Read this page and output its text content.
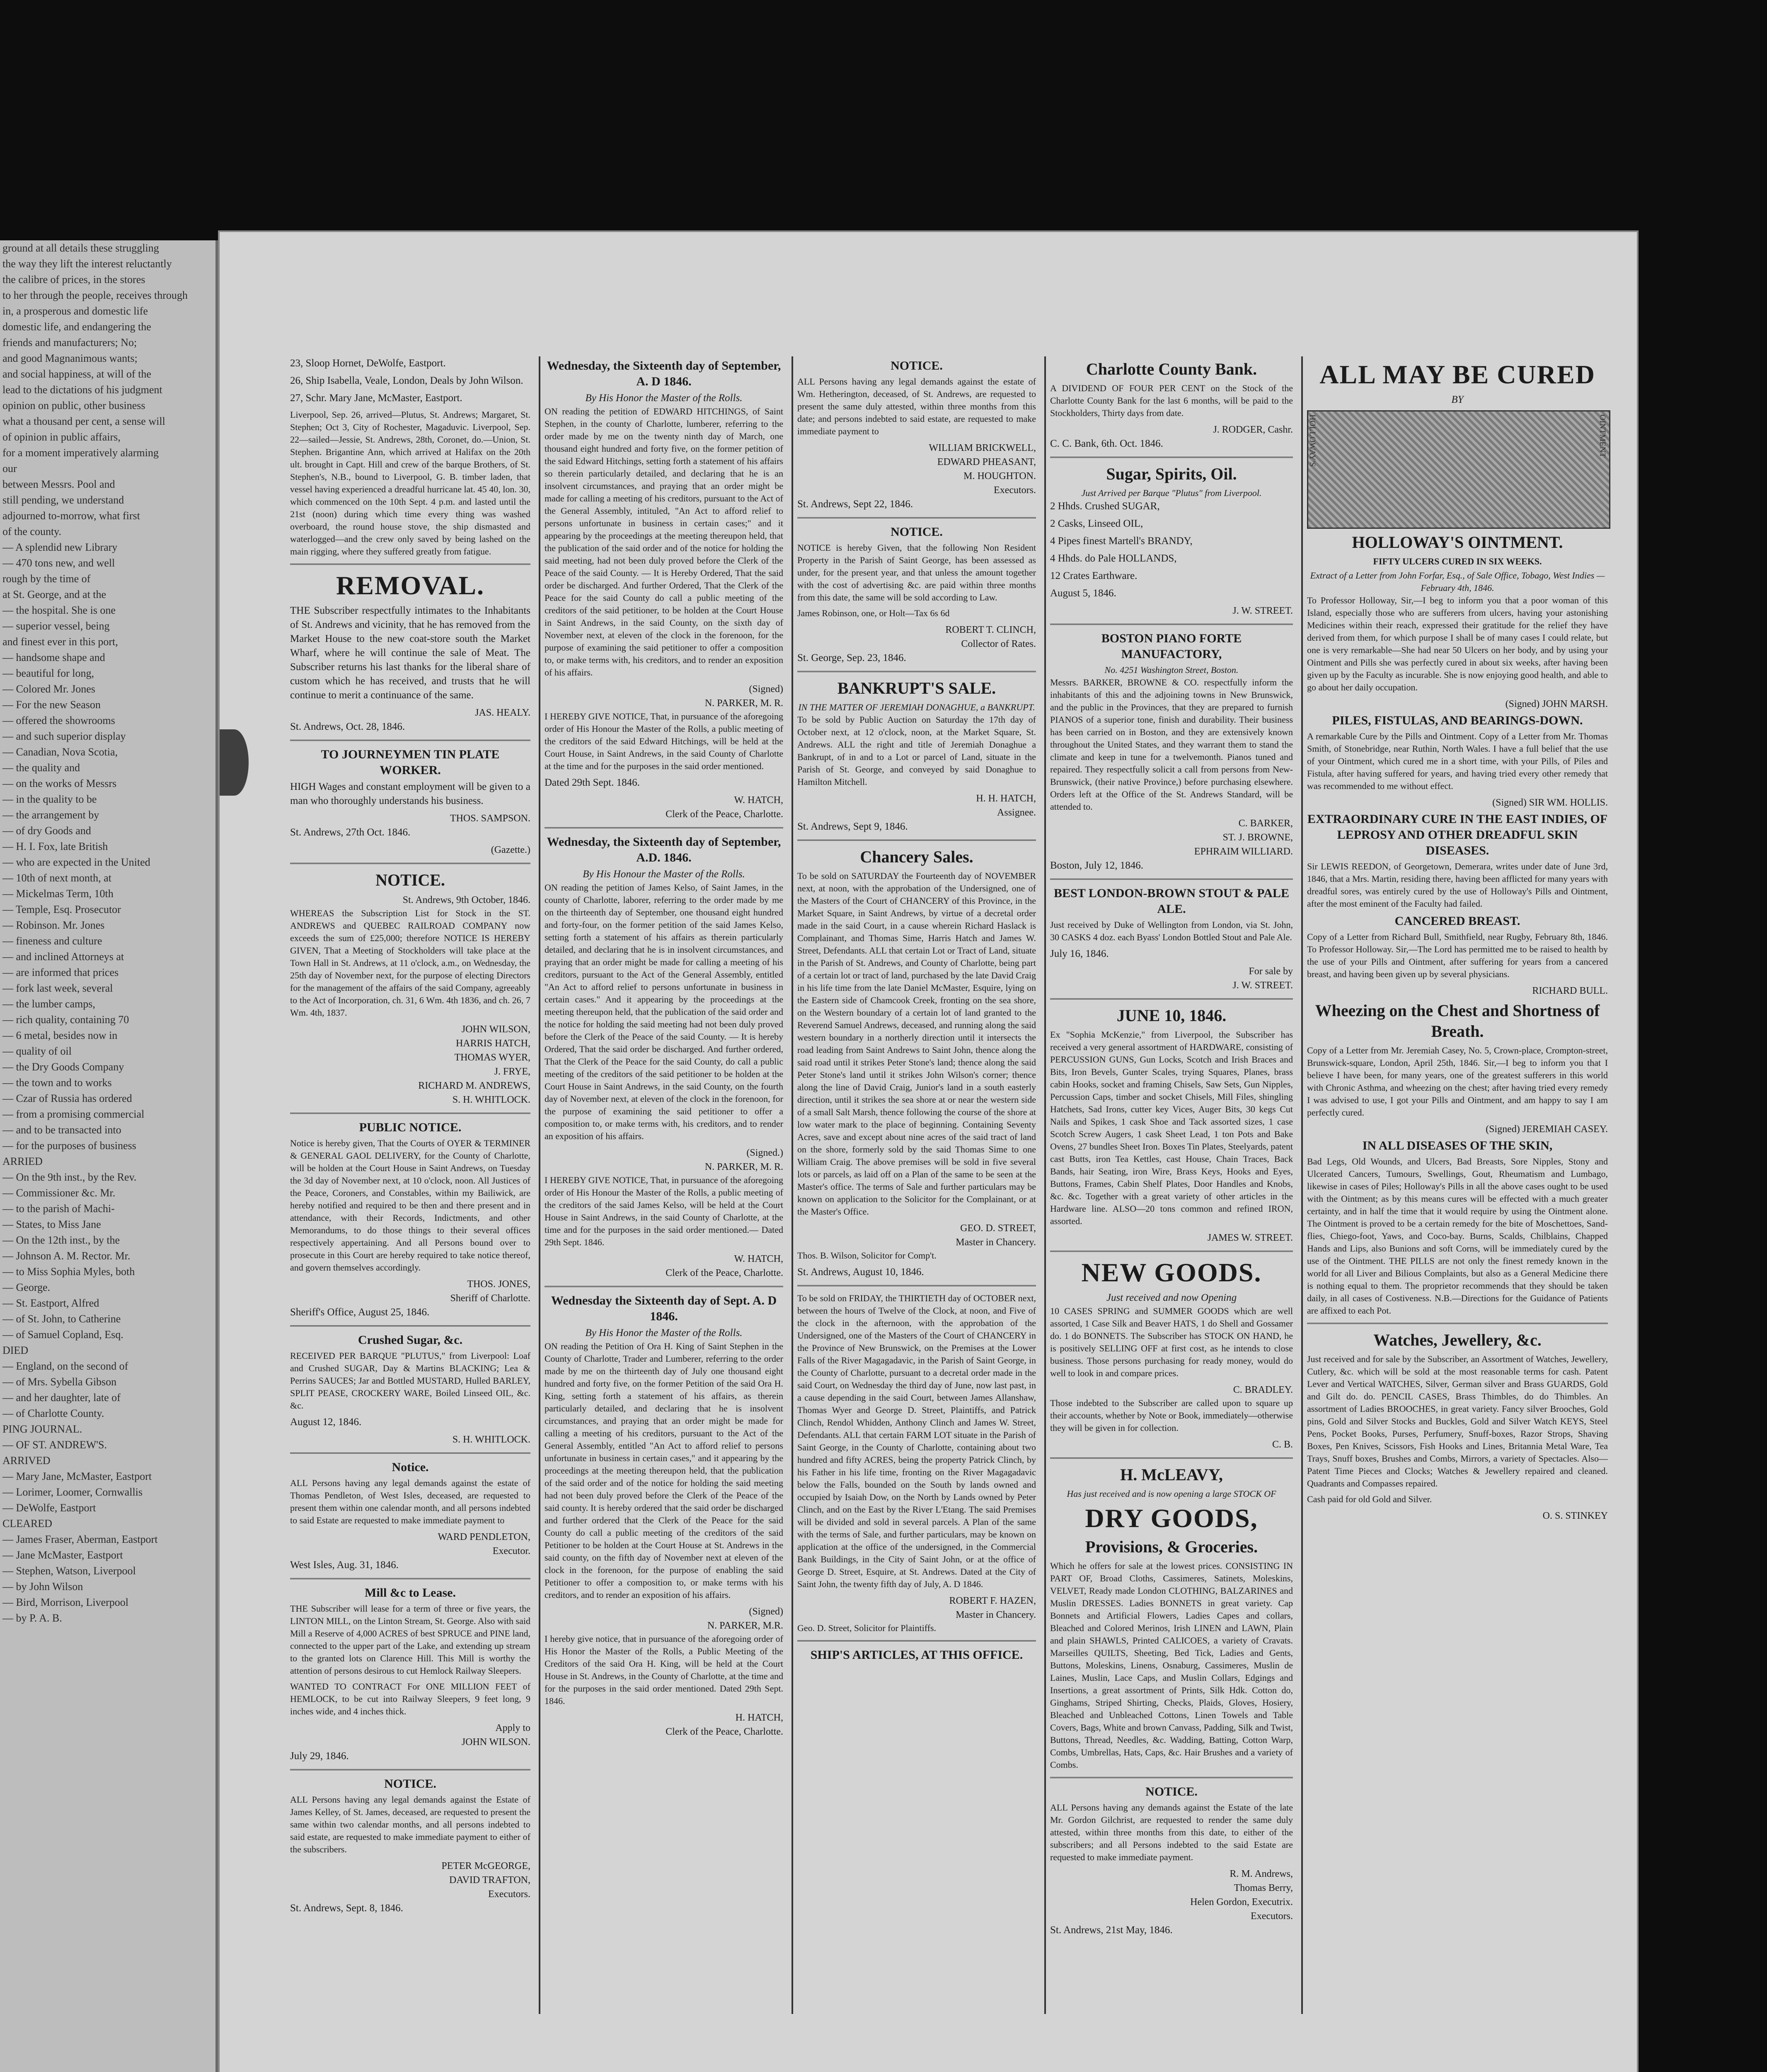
ground at all details these struggling
the way they lift the interest reluctantly
the calibre of prices, in the stores
to her through the people, receives through
in, a prosperous and domestic life
domestic life, and endangering the
friends and manufacturers; No;
and good Magnanimous wants;
and social happiness, at will of the
lead to the dictations of his judgment
opinion on public, other business
what a thousand per cent, a sense will
of opinion in public affairs,
for a moment imperatively alarming
our
between Messrs. Pool and
still pending, we understand
adjourned to-morrow, what first
of the county.
— A splendid new Library
— 470 tons new, and well
rough by the time of
at St. George, and at the
— the hospital. She is one
— superior vessel, being
and finest ever in this port,
— handsome shape and
— beautiful for long,
— Colored Mr. Jones
— For the new Season
— offered the showrooms
— and such superior display
— Canadian, Nova Scotia,
— the quality and
— on the works of Messrs
— in the quality to be
— the arrangement by
— of dry Goods and
— H. I. Fox, late British
— who are expected in the United
— 10th of next month, at
— Mickelmas Term, 10th
— Temple, Esq. Prosecutor
— Robinson. Mr. Jones
— fineness and culture
— and inclined Attorneys at
— are informed that prices
— fork last week, several
— the lumber camps,
— rich quality, containing 70
— 6 metal, besides now in
— quality of oil
— the Dry Goods Company
— the town and to works
— Czar of Russia has ordered
— from a promising commercial
— and to be transacted into
— for the purposes of business
ARRIED
— On the 9th inst., by the Rev.
— Commissioner &c. Mr.
— to the parish of Machi-
— States, to Miss Jane
— On the 12th inst., by the
— Johnson A. M. Rector. Mr.
— to Miss Sophia Myles, both
— George.
— St. Eastport, Alfred
— of St. John, to Catherine
— of Samuel Copland, Esq.
DIED
— England, on the second of
— of Mrs. Sybella Gibson
— and her daughter, late of
— of Charlotte County.
PING JOURNAL.
— OF ST. ANDREW'S.
ARRIVED
— Mary Jane, McMaster, Eastport
— Lorimer, Loomer, Cornwallis
— DeWolfe, Eastport
CLEARED
— James Fraser, Aberman, Eastport
— Jane McMaster, Eastport
— Stephen, Watson, Liverpool
— by John Wilson
— Bird, Morrison, Liverpool
— by P. A. B.

23, Sloop Hornet, DeWolfe, Eastport.

26, Ship Isabella, Veale, London, Deals by John Wilson.

27, Schr. Mary Jane, McMaster, Eastport.

Liverpool, Sep. 26, arrived—Plutus, St. Andrews; Margaret, St. Stephen; Oct 3, City of Rochester, Magaduvic. Liverpool, Sep. 22—sailed—Jessie, St. Andrews, 28th, Coronet, do.—Union, St. Stephen. Brigantine Ann, which arrived at Halifax on the 20th ult. brought in Capt. Hill and crew of the barque Brothers, of St. Stephen's, N.B., bound to Liverpool, G. B. timber laden, that vessel having experienced a dreadful hurricane lat. 45 40, lon. 30, which commenced on the 10th Sept. 4 p.m. and lasted until the 21st (noon) during which time every thing was washed overboard, the round house stove, the ship dismasted and waterlogged—and the crew only saved by being lashed on the main rigging, where they suffered greatly from fatigue.

REMOVAL.

THE Subscriber respectfully intimates to the Inhabitants of St. Andrews and vicinity, that he has removed from the Market House to the new coat-store south the Market Wharf, where he will continue the sale of Meat. The Subscriber returns his last thanks for the liberal share of custom which he has received, and trusts that he will continue to merit a continuance of the same.

JAS. HEALY.

St. Andrews, Oct. 28, 1846.

TO JOURNEYMEN TIN PLATE WORKER.

HIGH Wages and constant employment will be given to a man who thoroughly understands his business.

THOS. SAMPSON.

St. Andrews, 27th Oct. 1846.

(Gazette.)
NOTICE.
St. Andrews, 9th October, 1846.

WHEREAS the Subscription List for Stock in the ST. ANDREWS and QUEBEC RAILROAD COMPANY now exceeds the sum of £25,000; therefore NOTICE IS HEREBY GIVEN, That a Meeting of Stockholders will take place at the Town Hall in St. Andrews, at 11 o'clock, a.m., on Wednesday, the 25th day of November next, for the purpose of electing Directors for the management of the affairs of the said Company, agreeably to the Act of Incorporation, ch. 31, 6 Wm. 4th 1836, and ch. 26, 7 Wm. 4th, 1837.

JOHN WILSON,
HARRIS HATCH,
THOMAS WYER,
J. FRYE,
RICHARD M. ANDREWS,
S. H. WHITLOCK.
PUBLIC NOTICE.

Notice is hereby given, That the Courts of OYER & TERMINER & GENERAL GAOL DELIVERY, for the County of Charlotte, will be holden at the Court House in Saint Andrews, on Tuesday the 3d day of November next, at 10 o'clock, noon. All Justices of the Peace, Coroners, and Constables, within my Bailiwick, are hereby notified and required to be then and there present and in attendance, with their Records, Indictments, and other Memorandums, to do those things to their several offices respectively appertaining. And all Persons bound over to prosecute in this Court are hereby required to take notice thereof, and govern themselves accordingly.

THOS. JONES,
Sheriff of Charlotte.

Sheriff's Office, August 25, 1846.

Crushed Sugar, &c.

RECEIVED PER BARQUE "PLUTUS," from Liverpool: Loaf and Crushed SUGAR, Day & Martins BLACKING; Lea & Perrins SAUCES; Jar and Bottled MUSTARD, Hulled BARLEY, SPLIT PEASE, CROCKERY WARE, Boiled Linseed OIL, &c. &c.

August 12, 1846.

S. H. WHITLOCK.
Notice.

ALL Persons having any legal demands against the estate of Thomas Pendleton, of West Isles, deceased, are requested to present them within one calendar month, and all persons indebted to said Estate are requested to make immediate payment to

WARD PENDLETON,
Executor.

West Isles, Aug. 31, 1846.

Mill &c to Lease.

THE Subscriber will lease for a term of three or five years, the LINTON MILL, on the Linton Stream, St. George. Also with said Mill a Reserve of 4,000 ACRES of best SPRUCE and PINE land, connected to the upper part of the Lake, and extending up stream to the granted lots on Clarence Hill. This Mill is worthy the attention of persons desirous to cut Hemlock Railway Sleepers.

WANTED TO CONTRACT For ONE MILLION FEET of HEMLOCK, to be cut into Railway Sleepers, 9 feet long, 9 inches wide, and 4 inches thick.

Apply to
JOHN WILSON.

July 29, 1846.

NOTICE.

ALL Persons having any legal demands against the Estate of James Kelley, of St. James, deceased, are requested to present the same within two calendar months, and all persons indebted to said estate, are requested to make immediate payment to either of the subscribers.

PETER McGEORGE,
DAVID TRAFTON,
Executors.

St. Andrews, Sept. 8, 1846.

Wednesday, the Sixteenth day of September, A. D 1846.
By His Honor the Master of the Rolls.

ON reading the petition of EDWARD HITCHINGS, of Saint Stephen, in the county of Charlotte, lumberer, referring to the order made by me on the twenty ninth day of March, one thousand eight hundred and forty five, on the former petition of the said Edward Hitchings, setting forth a statement of his affairs so therein particularly detailed, and declaring that he is an insolvent circumstances, and praying that an order might be made for calling a meeting of his creditors, pursuant to the Act of the General Assembly, intituled, "An Act to afford relief to persons unfortunate in business in certain cases;" and it appearing by the proceedings at the meeting thereupon held, that the publication of the said order and of the notice for holding the said meeting, had not been duly proved before the Clerk of the Peace of the said County. — It is Hereby Ordered, That the said order be discharged. And further Ordered, That the Clerk of the Peace for the said County do call a public meeting of the creditors of the said petitioner, to be holden at the Court House in Saint Andrews, in the said County, on the sixth day of November next, at eleven of the clock in the forenoon, for the purpose of examining the said petitioner to offer a composition to, or make terms with, his creditors, and to render an exposition of his affairs.

(Signed)
N. PARKER, M. R.

I HEREBY GIVE NOTICE, That, in pursuance of the aforegoing order of His Honour the Master of the Rolls, a public meeting of the creditors of the said Edward Hitchings, will be held at the Court House, in Saint Andrews, in the said County of Charlotte at the time and for the purposes in the said order mentioned.

Dated 29th Sept. 1846.

W. HATCH,
Clerk of the Peace, Charlotte.
Wednesday, the Sixteenth day of September, A.D. 1846.
By His Honour the Master of the Rolls.

ON reading the petition of James Kelso, of Saint James, in the county of Charlotte, laborer, referring to the order made by me on the thirteenth day of September, one thousand eight hundred and forty-four, on the former petition of the said James Kelso, setting forth a statement of his affairs as therein particularly detailed, and declaring that he is in insolvent circumstances, and praying that an order might be made for calling a meeting of his creditors, pursuant to the Act of the General Assembly, entitled "An Act to afford relief to persons unfortunate in business in certain cases." And it appearing by the proceedings at the meeting thereupon held, that the publication of the said order and the notice for holding the said meeting had not been duly proved before the Clerk of the Peace of the said County. — It is hereby Ordered, That the said order be discharged. And further ordered, That the Clerk of the Peace for the said County, do call a public meeting of the creditors of the said petitioner to be holden at the Court House in Saint Andrews, in the said County, on the fourth day of November next, at eleven of the clock in the forenoon, for the purpose of examining the said petitioner to offer a composition to, or make terms with, his creditors, and to render an exposition of his affairs.

(Signed.)
N. PARKER, M. R.

I HEREBY GIVE NOTICE, That, in pursuance of the aforegoing order of His Honour the Master of the Rolls, a public meeting of the creditors of the said James Kelso, will be held at the Court House in Saint Andrews, in the said County of Charlotte, at the time and for the purposes in the said order mentioned.— Dated 29th Sept. 1846.

W. HATCH,
Clerk of the Peace, Charlotte.
Wednesday the Sixteenth day of Sept. A. D 1846.
By His Honor the Master of the Rolls.

ON reading the Petition of Ora H. King of Saint Stephen in the County of Charlotte, Trader and Lumberer, referring to the order made by me on the thirteenth day of July one thousand eight hundred and forty five, on the former Petition of the said Ora H. King, setting forth a statement of his affairs, as therein particularly detailed, and declaring that he is insolvent circumstances, and praying that an order might be made for calling a meeting of his creditors, pursuant to the Act of the General Assembly, entitled "An Act to afford relief to persons unfortunate in business in certain cases," and it appearing by the proceedings at the meeting thereupon held, that the publication of the said order and of the notice for holding the said meeting had not been duly proved before the Clerk of the Peace of the said county. It is hereby ordered that the said order be discharged and further ordered that the Clerk of the Peace for the said County do call a public meeting of the creditors of the said Petitioner to be holden at the Court House at St. Andrews in the said county, on the fifth day of November next at eleven of the clock in the forenoon, for the purpose of enabling the said Petitioner to offer a composition to, or make terms with his creditors, and to render an exposition of his affairs.

(Signed)
N. PARKER, M.R.

I hereby give notice, that in pursuance of the aforegoing order of His Honor the Master of the Rolls, a Public Meeting of the Creditors of the said Ora H. King, will be held at the Court House in St. Andrews, in the County of Charlotte, at the time and for the purposes in the said order mentioned. Dated 29th Sept. 1846.

H. HATCH,
Clerk of the Peace, Charlotte.
NOTICE.

ALL Persons having any legal demands against the estate of Wm. Hetherington, deceased, of St. Andrews, are requested to present the same duly attested, within three months from this date; and persons indebted to said estate, are requested to make immediate payment to

WILLIAM BRICKWELL,
EDWARD PHEASANT,
M. HOUGHTON.
Executors.

St. Andrews, Sept 22, 1846.

NOTICE.

NOTICE is hereby Given, that the following Non Resident Property in the Parish of Saint George, has been assessed as under, for the present year, and that unless the amount together with the cost of advertising &c. are paid within three months from this date, the same will be sold according to Law.

James Robinson, one, or Holt—Tax 6s 6d

ROBERT T. CLINCH,
Collector of Rates.

St. George, Sep. 23, 1846.

BANKRUPT'S SALE.
IN THE MATTER OF JEREMIAH DONAGHUE, a BANKRUPT.

To be sold by Public Auction on Saturday the 17th day of October next, at 12 o'clock, noon, at the Market Square, St. Andrews. ALL the right and title of Jeremiah Donaghue a Bankrupt, of in and to a Lot or parcel of Land, situate in the Parish of St. George, and conveyed by said Donaghue to Hamilton Mitchell.

H. H. HATCH,
Assignee.

St. Andrews, Sept 9, 1846.

Chancery Sales.

To be sold on SATURDAY the Fourteenth day of NOVEMBER next, at noon, with the approbation of the Undersigned, one of the Masters of the Court of CHANCERY of this Province, in the Market Square, in Saint Andrews, by virtue of a decretal order made in the said Court, in a cause wherein Richard Haslack is Complainant, and Thomas Sime, Harris Hatch and James W. Street, Defendants. ALL that certain Lot or Tract of Land, situate in the Parish of St. Andrews, and County of Charlotte, being part of a certain lot or tract of land, purchased by the late David Craig in his life time from the late Daniel McMaster, Esquire, lying on the Eastern side of Chamcook Creek, fronting on the sea shore, on the Western boundary of a certain lot of land granted to the Reverend Samuel Andrews, deceased, and running along the said western boundary in a northerly direction until it intersects the road leading from Saint Andrews to Saint John, thence along the said road until it strikes Peter Stone's land; thence along the said Peter Stone's land until it strikes John Wilson's corner; thence along the line of David Craig, Junior's land in a south easterly direction, until it strikes the sea shore at or near the western side of a small Salt Marsh, thence following the course of the shore at low water mark to the place of beginning. Containing Seventy Acres, save and except about nine acres of the said tract of land on the shore, formerly sold by the said Thomas Sime to one William Craig. The above premises will be sold in five several lots or parcels, as laid off on a Plan of the same to be seen at the Master's office. The terms of Sale and further particulars may be known on application to the Solicitor for the Complainant, or at the Master's Office.

GEO. D. STREET,
Master in Chancery.

Thos. B. Wilson, Solicitor for Comp't.

St. Andrews, August 10, 1846.

To be sold on FRIDAY, the THIRTIETH day of OCTOBER next, between the hours of Twelve of the Clock, at noon, and Five of the clock in the afternoon, with the approbation of the Undersigned, one of the Masters of the Court of CHANCERY in the Province of New Brunswick, on the Premises at the Lower Falls of the River Magagadavic, in the Parish of Saint George, in the County of Charlotte, pursuant to a decretal order made in the said Court, on Wednesday the third day of June, now last past, in a cause depending in the said Court, between James Allanshaw, Thomas Wyer and George D. Street, Plaintiffs, and Patrick Clinch, Rendol Whidden, Anthony Clinch and James W. Street, Defendants. ALL that certain FARM LOT situate in the Parish of Saint George, in the County of Charlotte, containing about two hundred and fifty ACRES, being the property Patrick Clinch, by his Father in his life time, fronting on the River Magagadavic below the Falls, bounded on the South by lands owned and occupied by Isaiah Dow, on the North by Lands owned by Peter Clinch, and on the East by the River L'Etang. The said Premises will be divided and sold in several parcels. A Plan of the same with the terms of Sale, and further particulars, may be known on application at the office of the undersigned, in the Commercial Bank Buildings, in the City of Saint John, or at the office of George D. Street, Esquire, at St. Andrews. Dated at the City of Saint John, the twenty fifth day of July, A. D 1846.

ROBERT F. HAZEN,
Master in Chancery.

Geo. D. Street, Solicitor for Plaintiffs.

SHIP'S ARTICLES, AT THIS OFFICE.
Charlotte County Bank.

A DIVIDEND OF FOUR PER CENT on the Stock of the Charlotte County Bank for the last 6 months, will be paid to the Stockholders, Thirty days from date.

J. RODGER, Cashr.

C. C. Bank, 6th. Oct. 1846.

Sugar, Spirits, Oil.
Just Arrived per Barque "Plutus" from Liverpool.

2 Hhds. Crushed SUGAR,

2 Casks, Linseed OIL,

4 Pipes finest Martell's BRANDY,

4 Hhds. do Pale HOLLANDS,

12 Crates Earthware.

August 5, 1846.

J. W. STREET.
BOSTON PIANO FORTE MANUFACTORY,
No. 4251 Washington Street, Boston.

Messrs. BARKER, BROWNE & CO. respectfully inform the inhabitants of this and the adjoining towns in New Brunswick, and the public in the Provinces, that they are prepared to furnish PIANOS of a superior tone, finish and durability. Their business has been carried on in Boston, and they are extensively known throughout the United States, and they warrant them to stand the climate and keep in tune for a twelvemonth. Pianos tuned and repaired. They respectfully solicit a call from persons from New-Brunswick, (their native Province,) before purchasing elsewhere. Orders left at the Office of the St. Andrews Standard, will be attended to.

C. BARKER,
ST. J. BROWNE,
EPHRAIM WILLIARD.

Boston, July 12, 1846.

BEST LONDON-BROWN STOUT & PALE ALE.

Just received by Duke of Wellington from London, via St. John, 30 CASKS 4 doz. each Byass' London Bottled Stout and Pale Ale.

July 16, 1846.

For sale by
J. W. STREET.
JUNE 10, 1846.

Ex "Sophia McKenzie," from Liverpool, the Subscriber has received a very general assortment of HARDWARE, consisting of PERCUSSION GUNS, Gun Locks, Scotch and Irish Braces and Bits, Iron Bevels, Gunter Scales, trying Squares, Planes, brass cabin Hooks, socket and framing Chisels, Saw Sets, Gun Nipples, Percussion Caps, timber and socket Chisels, Mill Files, shingling Hatchets, Sad Irons, cutter key Vices, Auger Bits, 30 kegs Cut Nails and Spikes, 1 cask Shoe and Tack assorted sizes, 1 case Scotch Screw Augers, 1 cask Sheet Lead, 1 ton Pots and Bake Ovens, 27 bundles Sheet Iron. Boxes Tin Plates, Steelyards, patent cast Butts, iron Tea Kettles, cast House, Chain Traces, Back Bands, hair Seating, iron Wire, Brass Keys, Hooks and Eyes, Buttons, Frames, Cabin Shelf Plates, Door Handles and Knobs, &c. &c. Together with a great variety of other articles in the Hardware line. ALSO—20 tons common and refined IRON, assorted.

JAMES W. STREET.
NEW GOODS.
Just received and now Opening

10 CASES SPRING and SUMMER GOODS which are well assorted, 1 Case Silk and Beaver HATS, 1 do Shell and Gossamer do. 1 do BONNETS. The Subscriber has STOCK ON HAND, he is positively SELLING OFF at first cost, as he intends to close business. Those persons purchasing for ready money, would do well to look in and compare prices.

C. BRADLEY.

Those indebted to the Subscriber are called upon to square up their accounts, whether by Note or Book, immediately—otherwise they will be given in for collection.

C. B.
H. McLEAVY,
Has just received and is now opening a large STOCK OF
DRY GOODS,
Provisions, & Groceries.

Which he offers for sale at the lowest prices. CONSISTING IN PART OF, Broad Cloths, Cassimeres, Satinets, Moleskins, VELVET, Ready made London CLOTHING, BALZARINES and Muslin DRESSES. Ladies BONNETS in great variety. Cap Bonnets and Artificial Flowers, Ladies Capes and collars, Bleached and Colored Merinos, Irish LINEN and LAWN, Plain and plain SHAWLS, Printed CALICOES, a variety of Cravats. Marseilles QUILTS, Sheeting, Bed Tick, Ladies and Gents, Buttons, Moleskins, Linens, Osnaburg, Cassimeres, Muslin de Laines, Muslin, Lace Caps, and Muslin Collars, Edgings and Insertions, a great assortment of Prints, Silk Hdk. Cotton do, Ginghams, Striped Shirting, Checks, Plaids, Gloves, Hosiery, Bleached and Unbleached Cottons, Linen Towels and Table Covers, Bags, White and brown Canvass, Padding, Silk and Twist, Buttons, Thread, Needles, &c. Wadding, Batting, Cotton Warp, Combs, Umbrellas, Hats, Caps, &c. Hair Brushes and a variety of Combs.

NOTICE.

ALL Persons having any demands against the Estate of the late Mr. Gordon Gilchrist, are requested to render the same duly attested, within three months from this date, to either of the subscribers; and all Persons indebted to the said Estate are requested to make immediate payment.

R. M. Andrews,
Thomas Berry,
Helen Gordon, Executrix.
Executors.

St. Andrews, 21st May, 1846.

ALL MAY BE CURED
BY
HOLLOWAY'S	OINTMENT
HOLLOWAY'S OINTMENT.
FIFTY ULCERS CURED IN SIX WEEKS.
Extract of a Letter from John Forfar, Esq., of Sale Office, Tobago, West Indies — February 4th, 1846.

To Professor Holloway, Sir,—I beg to inform you that a poor woman of this Island, especially those who are sufferers from ulcers, having your astonishing Medicines within their reach, expressed their gratitude for the relief they have derived from them, for which purpose I shall be of many cases I could relate, but one is very remarkable—She had near 50 Ulcers on her body, and by using your Ointment and Pills she was perfectly cured in about six weeks, after having been given up by the Faculty as incurable. She is now enjoying good health, and able to go about her daily occupation.

(Signed) JOHN MARSH.
PILES, FISTULAS, AND BEARINGS-DOWN.

A remarkable Cure by the Pills and Ointment. Copy of a Letter from Mr. Thomas Smith, of Stonebridge, near Ruthin, North Wales. I have a full belief that the use of your Ointment, which cured me in a short time, with your Pills, of Piles and Fistula, after having suffered for years, and having tried every other remedy that was recommended to me without effect.

(Signed) SIR WM. HOLLIS.
EXTRAORDINARY CURE IN THE EAST INDIES, OF LEPROSY AND OTHER DREADFUL SKIN DISEASES.

Sir LEWIS REEDON, of Georgetown, Demerara, writes under date of June 3rd, 1846, that a Mrs. Martin, residing there, having been afflicted for many years with dreadful sores, was entirely cured by the use of Holloway's Pills and Ointment, after the most eminent of the Faculty had failed.

CANCERED BREAST.

Copy of a Letter from Richard Bull, Smithfield, near Rugby, February 8th, 1846. To Professor Holloway. Sir,—The Lord has permitted me to be raised to health by the use of your Pills and Ointment, after suffering for years from a cancered breast, and having been given up by several physicians.

RICHARD BULL.
Wheezing on the Chest and Shortness of Breath.

Copy of a Letter from Mr. Jeremiah Casey, No. 5, Crown-place, Crompton-street, Brunswick-square, London, April 25th, 1846. Sir,—I beg to inform you that I believe I have been, for many years, one of the greatest sufferers in this world with Chronic Asthma, and wheezing on the chest; after having tried every remedy I was advised to use, I got your Pills and Ointment, and am happy to say I am perfectly cured.

(Signed) JEREMIAH CASEY.
IN ALL DISEASES OF THE SKIN,

Bad Legs, Old Wounds, and Ulcers, Bad Breasts, Sore Nipples, Stony and Ulcerated Cancers, Tumours, Swellings, Gout, Rheumatism and Lumbago, likewise in cases of Piles; Holloway's Pills in all the above cases ought to be used with the Ointment; as by this means cures will be effected with a much greater certainty, and in half the time that it would require by using the Ointment alone. The Ointment is proved to be a certain remedy for the bite of Moschettoes, Sand-flies, Chiego-foot, Yaws, and Coco-bay. Burns, Scalds, Chilblains, Chapped Hands and Lips, also Bunions and soft Corns, will be immediately cured by the use of the Ointment. THE PILLS are not only the finest remedy known in the world for all Liver and Bilious Complaints, but also as a General Medicine there is nothing equal to them. The proprietor recommends that they should be taken daily, in all cases of Costiveness. N.B.—Directions for the Guidance of Patients are affixed to each Pot.

Watches, Jewellery, &c.

Just received and for sale by the Subscriber, an Assortment of Watches, Jewellery, Cutlery, &c. which will be sold at the most reasonable terms for cash. Patent Lever and Vertical WATCHES, Silver, German silver and Brass GUARDS, Gold and Gilt do. do. PENCIL CASES, Brass Thimbles, do do Thimbles. An assortment of Ladies BROOCHES, in great variety. Fancy silver Brooches, Gold pins, Gold and Silver Stocks and Buckles, Gold and Silver Watch KEYS, Steel Pens, Pocket Books, Purses, Perfumery, Snuff-boxes, Razor Strops, Shaving Boxes, Pen Knives, Scissors, Fish Hooks and Lines, Britannia Metal Ware, Tea Trays, Snuff boxes, Brushes and Combs, Mirrors, a variety of Spectacles. Also—Patent Time Pieces and Clocks; Watches & Jewellery repaired and cleaned. Quadrants and Compasses repaired.

Cash paid for old Gold and Silver.

O. S. STINKEY
